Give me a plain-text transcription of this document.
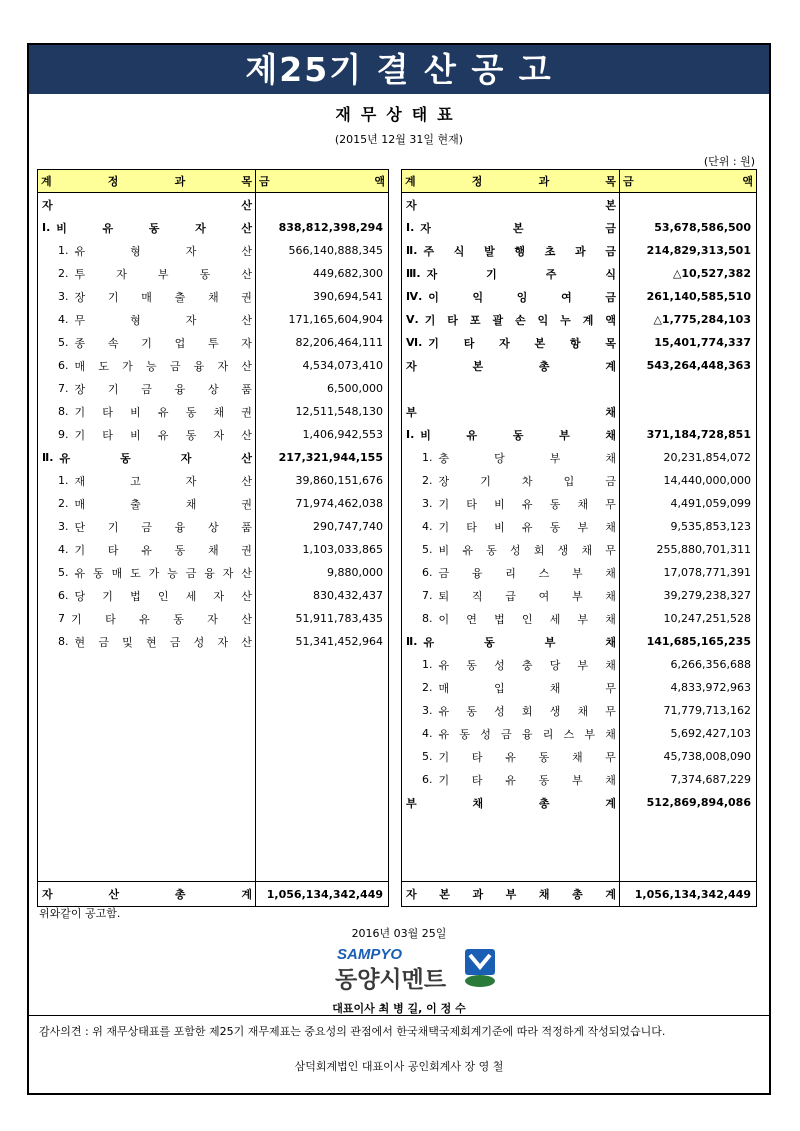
제25기 결 산 공 고
재무상태표
(2015년 12월 31일 현재)
(단위 : 원)
계	정	과	목 금	액
자	산
Ⅰ. 비	유	동	자	산	838,812,398,294
1. 유	형	자	산	566,140,888,345
2. 투	자	부	동	산	449,682,300
3. 장 기 매 출 채 권	390,694,541
4. 무	형	자	산	171,165,604,904
5. 종 속 기 업 투 자	82,206,464,111
6. 매 도 가 능 금 융 자 산	4,534,073,410
7. 장 기 금 융 상 품	6,500,000
8. 기 타 비 유 동 채 권	12,511,548,130
9. 기 타 비 유 동 자 산	1,406,942,553
Ⅱ. 유	동	자	산	217,321,944,155
1. 재	고	자	산	39,860,151,676
2. 매	출	채	권	71,974,462,038
3. 단 기 금 융 상 품	290,747,740
4. 기 타 유 동 채 권	1,103,033,865
5. 유 동 매 도 가 능 금 융 자 산	9,880,000
6. 당 기 법 인 세 자 산	830,432,437
7 기 타 유 동 자 산	51,911,783,435
8. 현 금 및 현 금 성 자 산	51,341,452,964
자	산	총	계	1,056,134,342,449
계	정	과	목 금	액
자	본
Ⅰ. 자	본	금	53,678,586,500
Ⅱ. 주 식 발 행 초 과 금	214,829,313,501
Ⅲ. 자	기	주	식	△10,527,382
Ⅳ. 이	익	잉	여	금	261,140,585,510
Ⅴ. 기 타 포 괄 손 익 누 계 액	△1,775,284,103
Ⅵ. 기 타 자 본 항 목	15,401,774,337
자	본	총	계	543,264,448,363
부	채
Ⅰ. 비	유	동	부	채	371,184,728,851
1. 충	당	부	채	20,231,854,072
2. 장	기	차	입	금	14,440,000,000
3. 기 타 비 유 동 채 무	4,491,059,099
4. 기 타 비 유 동 부 채	9,535,853,123
5. 비 유 동 성 회 생 채 무	255,880,701,311
6. 금 융 리 스 부 채	17,078,771,391
7. 퇴 직 급 여 부 채	39,279,238,327
8. 이 연 법 인 세 부 채	10,247,251,528
Ⅱ. 유	동	부	채	141,685,165,235
1. 유 동 성 충 당 부 채	6,266,356,688
2. 매	입	채	무	4,833,972,963
3. 유 동 성 회 생 채 무	71,779,713,162
4. 유 동 성 금 융 리 스 부 채	5,692,427,103
5. 기 타 유 동 채 무	45,738,008,090
6. 기 타 유 동 부 채	7,374,687,229
부	채	총	계	512,869,894,086
자 본 과 부 채 총 계	1,056,134,342,449
위와같이 공고함.
2016년 03월 25일
SAMPYO
동양시멘트
대표이사 최 병 길, 이 정 수
감사의견 : 위 재무상태표를 포함한 제25기 재무제표는 중요성의 관점에서 한국채택국제회계기준에 따라 적정하게 작성되었습니다.
삼덕회계법인 대표이사 공인회계사 장 영 철
